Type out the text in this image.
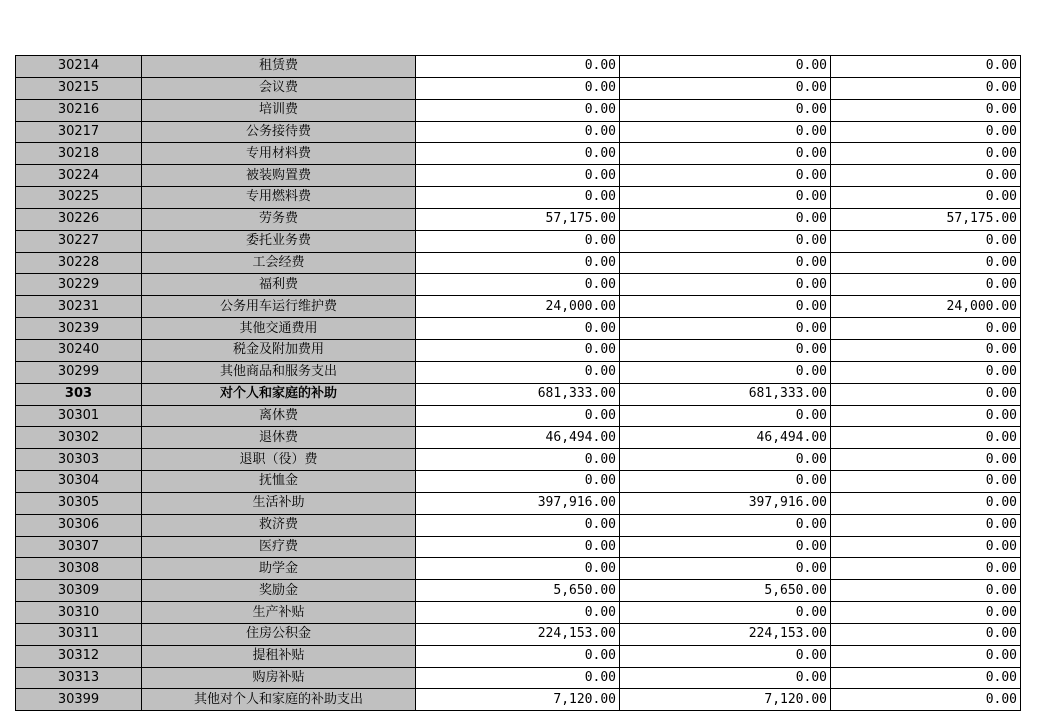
30214	租赁费	0.00	0.00	0.00
30215	会议费	0.00	0.00	0.00
30216	培训费	0.00	0.00	0.00
30217	公务接待费	0.00	0.00	0.00
30218	专用材料费	0.00	0.00	0.00
30224	被装购置费	0.00	0.00	0.00
30225	专用燃料费	0.00	0.00	0.00
30226	劳务费	57,175.00	0.00	57,175.00
30227	委托业务费	0.00	0.00	0.00
30228	工会经费	0.00	0.00	0.00
30229	福利费	0.00	0.00	0.00
30231	公务用车运行维护费	24,000.00	0.00	24,000.00
30239	其他交通费用	0.00	0.00	0.00
30240	税金及附加费用	0.00	0.00	0.00
30299	其他商品和服务支出	0.00	0.00	0.00
303	对个人和家庭的补助	681,333.00	681,333.00	0.00
30301	离休费	0.00	0.00	0.00
30302	退休费	46,494.00	46,494.00	0.00
30303	退职（役）费	0.00	0.00	0.00
30304	抚恤金	0.00	0.00	0.00
30305	生活补助	397,916.00	397,916.00	0.00
30306	救济费	0.00	0.00	0.00
30307	医疗费	0.00	0.00	0.00
30308	助学金	0.00	0.00	0.00
30309	奖励金	5,650.00	5,650.00	0.00
30310	生产补贴	0.00	0.00	0.00
30311	住房公积金	224,153.00	224,153.00	0.00
30312	提租补贴	0.00	0.00	0.00
30313	购房补贴	0.00	0.00	0.00
30399	其他对个人和家庭的补助支出	7,120.00	7,120.00	0.00
